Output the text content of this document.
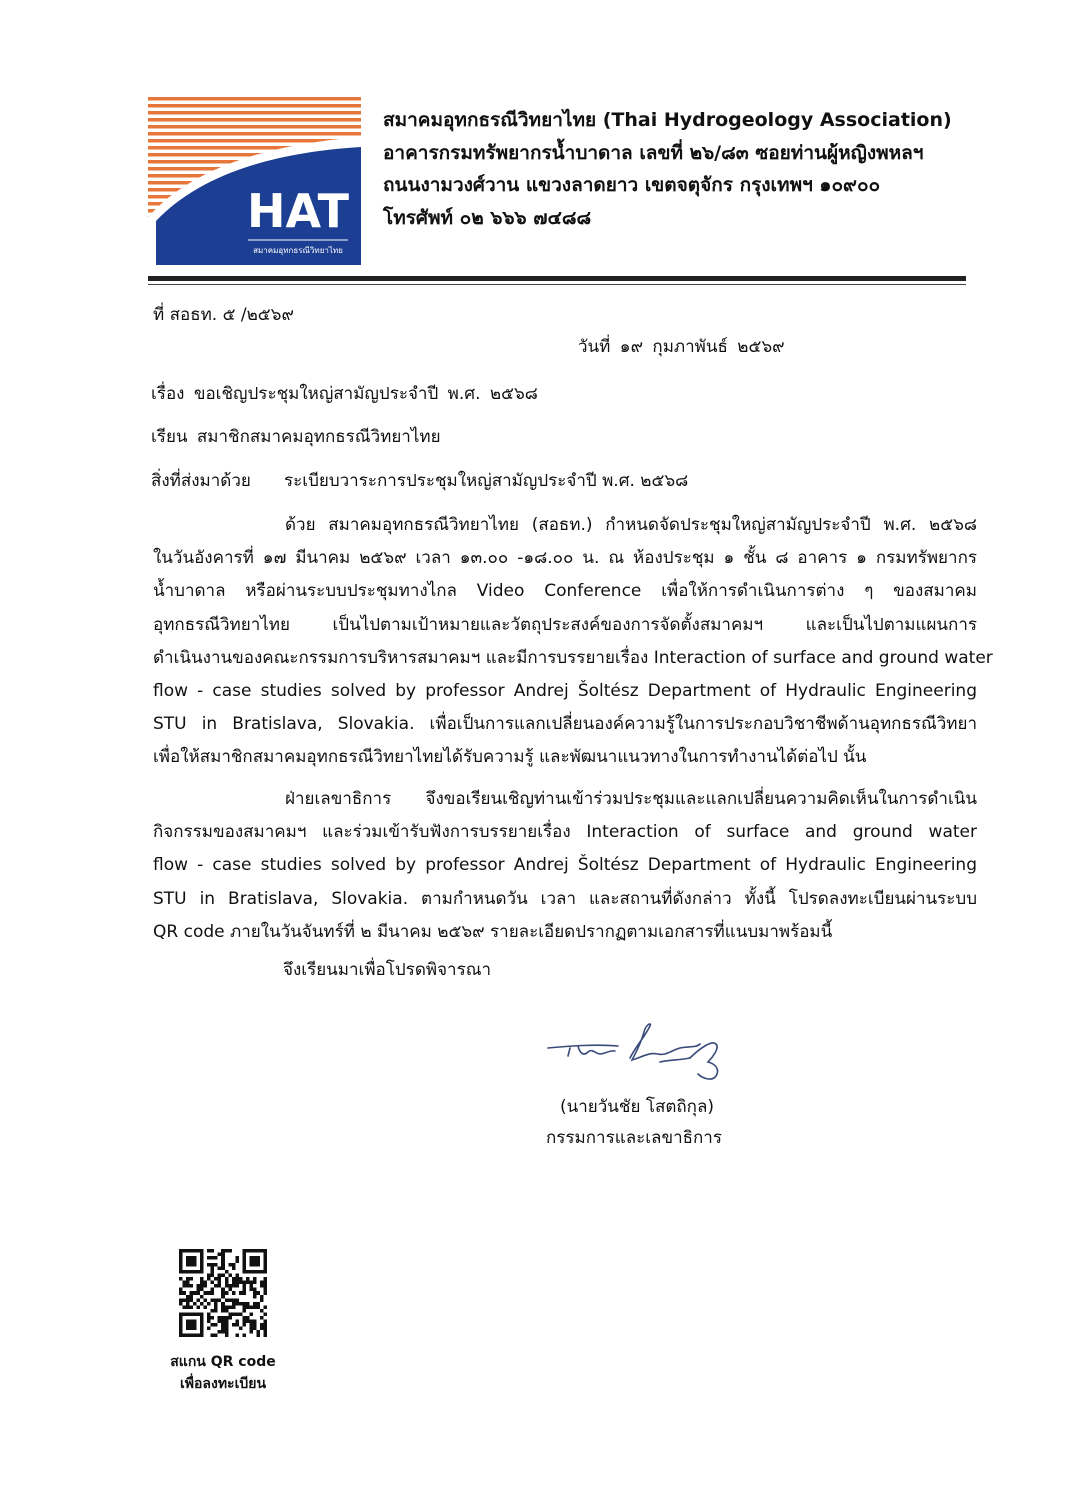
HAT
สมาคมอุทกธรณีวิทยาไทย
สมาคมอุทกธรณีวิทยาไทย (Thai Hydrogeology Association)
อาคารกรมทรัพยากรน้ำบาดาล เลขที่ ๒๖/๘๓ ซอยท่านผู้หญิงพหลฯ
ถนนงามวงศ์วาน แขวงลาดยาว เขตจตุจักร กรุงเทพฯ ๑๐๙๐๐
โทรศัพท์ ๐๒ ๖๖๖ ๗๔๘๘
ที่ สอธท. ๕ /๒๕๖๙
วันที่ ๑๙ กุมภาพันธ์ ๒๕๖๙
เรื่อง ขอเชิญประชุมใหญ่สามัญประจำปี พ.ศ. ๒๕๖๘
เรียน สมาชิกสมาคมอุทกธรณีวิทยาไทย
สิ่งที่ส่งมาด้วย ระเบียบวาระการประชุมใหญ่สามัญประจำปี พ.ศ. ๒๕๖๘
ด้วย สมาคมอุทกธรณีวิทยาไทย (สอธท.) กำหนดจัดประชุมใหญ่สามัญประจำปี พ.ศ. ๒๕๖๘
ในวันอังคารที่ ๑๗ มีนาคม ๒๕๖๙ เวลา ๑๓.๐๐ -๑๘.๐๐ น. ณ ห้องประชุม ๑ ชั้น ๘ อาคาร ๑ กรมทรัพยากร
น้ำบาดาล หรือผ่านระบบประชุมทางไกล Video Conference เพื่อให้การดำเนินการต่าง ๆ ของสมาคม
อุทกธรณีวิทยาไทย เป็นไปตามเป้าหมายและวัตถุประสงค์ของการจัดตั้งสมาคมฯ และเป็นไปตามแผนการ
ดำเนินงานของคณะกรรมการบริหารสมาคมฯ และมีการบรรยายเรื่อง Interaction of surface and ground water
flow - case studies solved by professor Andrej Šoltész Department of Hydraulic Engineering
STU in Bratislava, Slovakia. เพื่อเป็นการแลกเปลี่ยนองค์ความรู้ในการประกอบวิชาชีพด้านอุทกธรณีวิทยา
เพื่อให้สมาชิกสมาคมอุทกธรณีวิทยาไทยได้รับความรู้ และพัฒนาแนวทางในการทำงานได้ต่อไป นั้น
ฝ่ายเลขาธิการ จึงขอเรียนเชิญท่านเข้าร่วมประชุมและแลกเปลี่ยนความคิดเห็นในการดำเนิน
กิจกรรมของสมาคมฯ และร่วมเข้ารับฟังการบรรยายเรื่อง Interaction of surface and ground water
flow - case studies solved by professor Andrej Šoltész Department of Hydraulic Engineering
STU in Bratislava, Slovakia. ตามกำหนดวัน เวลา และสถานที่ดังกล่าว ทั้งนี้ โปรดลงทะเบียนผ่านระบบ
QR code ภายในวันจันทร์ที่ ๒ มีนาคม ๒๕๖๙ รายละเอียดปรากฏตามเอกสารที่แนบมาพร้อมนี้
จึงเรียนมาเพื่อโปรดพิจารณา
(นายวันชัย โสตถิกุล)
กรรมการและเลขาธิการ
สแกน QR code
เพื่อลงทะเบียน
